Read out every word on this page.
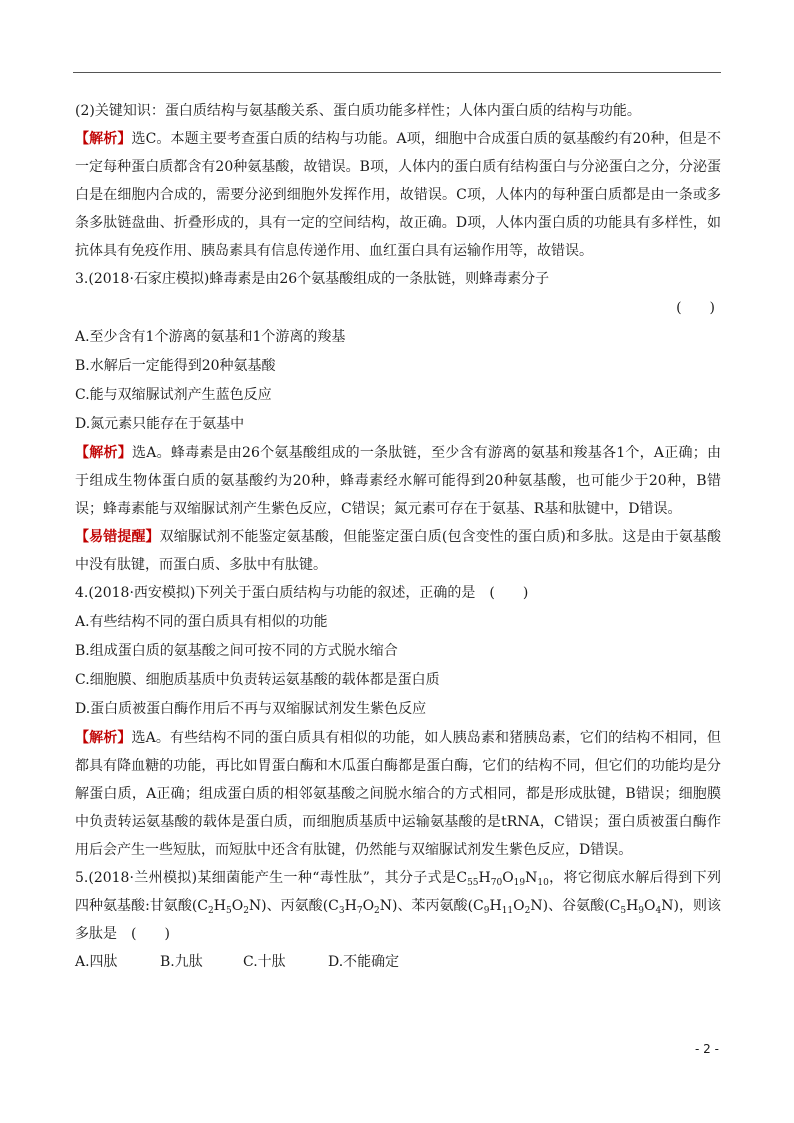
(2)关键知识：蛋白质结构与氨基酸关系、蛋白质功能多样性；人体内蛋白质的结构与功能。

【解析】选C。本题主要考查蛋白质的结构与功能。A项，细胞中合成蛋白质的氨基酸约有20种，但是不一定每种蛋白质都含有20种氨基酸，故错误。B项，人体内的蛋白质有结构蛋白与分泌蛋白之分，分泌蛋白是在细胞内合成的，需要分泌到细胞外发挥作用，故错误。C项，人体内的每种蛋白质都是由一条或多条多肽链盘曲、折叠形成的，具有一定的空间结构，故正确。D项，人体内蛋白质的功能具有多样性，如抗体具有免疫作用、胰岛素具有信息传递作用、血红蛋白具有运输作用等，故错误。

3.(2018·石家庄模拟)蜂毒素是由26个氨基酸组成的一条肽链，则蜂毒素分子

(　　)

A.至少含有1个游离的氨基和1个游离的羧基

B.水解后一定能得到20种氨基酸

C.能与双缩脲试剂产生蓝色反应

D.氮元素只能存在于氨基中

【解析】选A。蜂毒素是由26个氨基酸组成的一条肽链，至少含有游离的氨基和羧基各1个，A正确；由于组成生物体蛋白质的氨基酸约为20种，蜂毒素经水解可能得到20种氨基酸，也可能少于20种，B错误；蜂毒素能与双缩脲试剂产生紫色反应，C错误；氮元素可存在于氨基、R基和肽键中，D错误。

【易错提醒】双缩脲试剂不能鉴定氨基酸，但能鉴定蛋白质(包含变性的蛋白质)和多肽。这是由于氨基酸中没有肽键，而蛋白质、多肽中有肽键。

4.(2018·西安模拟)下列关于蛋白质结构与功能的叙述，正确的是　(　　)

A.有些结构不同的蛋白质具有相似的功能

B.组成蛋白质的氨基酸之间可按不同的方式脱水缩合

C.细胞膜、细胞质基质中负责转运氨基酸的载体都是蛋白质

D.蛋白质被蛋白酶作用后不再与双缩脲试剂发生紫色反应

【解析】选A。有些结构不同的蛋白质具有相似的功能，如人胰岛素和猪胰岛素，它们的结构不相同，但都具有降血糖的功能，再比如胃蛋白酶和木瓜蛋白酶都是蛋白酶，它们的结构不同，但它们的功能均是分解蛋白质，A正确；组成蛋白质的相邻氨基酸之间脱水缩合的方式相同，都是形成肽键，B错误；细胞膜中负责转运氨基酸的载体是蛋白质，而细胞质基质中运输氨基酸的是tRNA，C错误；蛋白质被蛋白酶作用后会产生一些短肽，而短肽中还含有肽键，仍然能与双缩脲试剂发生紫色反应，D错误。

5.(2018·兰州模拟)某细菌能产生一种“毒性肽”，其分子式是$C_{55}H_{70}O_{19}N_{10}$，将它彻底水解后得到下列四种氨基酸:甘氨酸$(C_2H_5O_2N)$、丙氨酸$(C_3H_7O_2N)$、苯丙氨酸$(C_9H_{11}O_2N)$、谷氨酸$(C_5H_9O_4N)$，则该多肽是　(　　)

A.四肽	B.九肽	C.十肽	D.不能确定

- 2 -
